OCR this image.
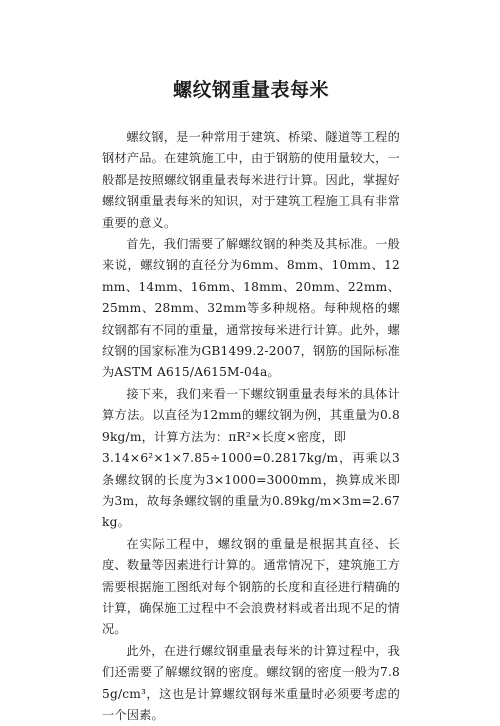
螺纹钢重量表每米

螺纹钢，是一种常用于建筑、桥梁、隧道等工程的钢材产品。在建筑施工中，由于钢筋的使用量较大，一般都是按照螺纹钢重量表每米进行计算。因此，掌握好螺纹钢重量表每米的知识，对于建筑工程施工具有非常重要的意义。

首先，我们需要了解螺纹钢的种类及其标准。一般来说，螺纹钢的直径分为6mm、8mm、10mm、12mm、14mm、16mm、18mm、20mm、22mm、25mm、28mm、32mm等多种规格。每种规格的螺纹钢都有不同的重量，通常按每米进行计算。此外，螺纹钢的国家标准为GB1499.2-2007，钢筋的国际标准为ASTM A615/A615M-04a。

接下来，我们来看一下螺纹钢重量表每米的具体计算方法。以直径为12mm的螺纹钢为例，其重量为0.89kg/m，计算方法为：πR²×长度×密度，即
3.14×6²×1×7.85÷1000=0.2817kg/m，再乘以3条螺纹钢的长度为3×1000=3000mm，换算成米即为3m，故每条螺纹钢的重量为0.89kg/m×3m=2.67kg。

在实际工程中，螺纹钢的重量是根据其直径、长度、数量等因素进行计算的。通常情况下，建筑施工方需要根据施工图纸对每个钢筋的长度和直径进行精确的计算，确保施工过程中不会浪费材料或者出现不足的情况。

此外，在进行螺纹钢重量表每米的计算过程中，我们还需要了解螺纹钢的密度。螺纹钢的密度一般为7.85g/cm³，这也是计算螺纹钢每米重量时必须要考虑的一个因素。
